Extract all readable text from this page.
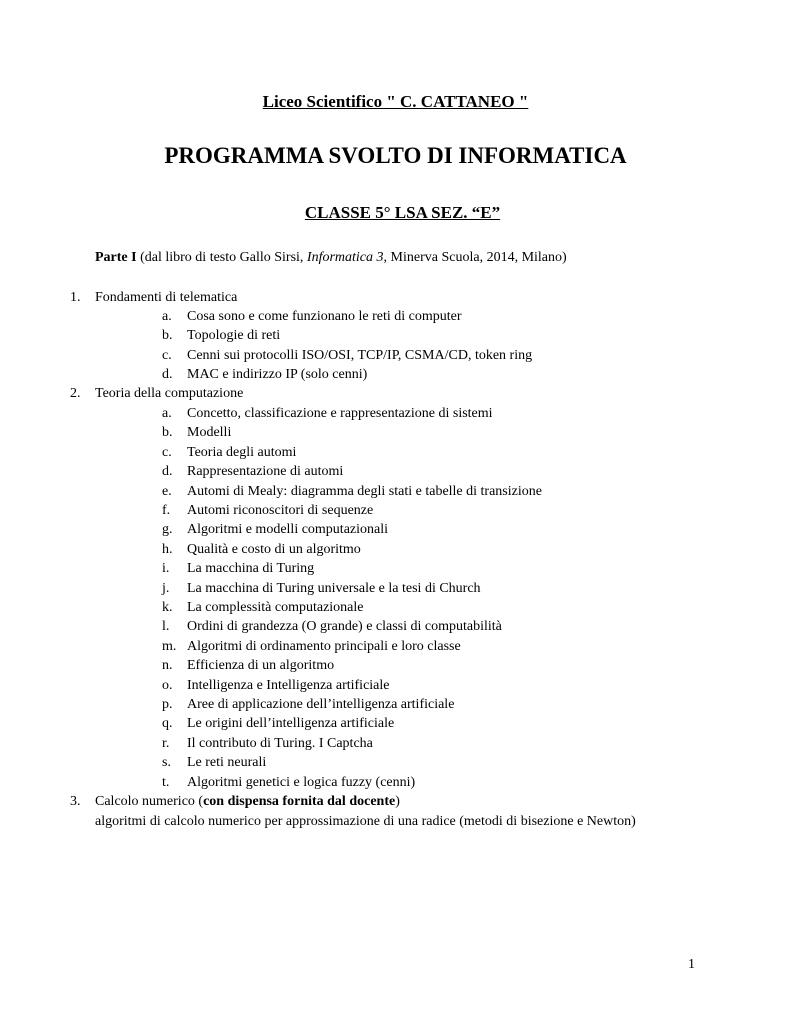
Liceo Scientifico " C. CATTANEO "
PROGRAMMA SVOLTO DI INFORMATICA
CLASSE 5° LSA SEZ. “E”
Parte I (dal libro di testo Gallo Sirsi, Informatica 3, Minerva Scuola, 2014, Milano)
1. Fondamenti di telematica
a. Cosa sono e come funzionano le reti di computer
b. Topologie di reti
c. Cenni sui protocolli ISO/OSI, TCP/IP, CSMA/CD, token ring
d. MAC e indirizzo IP (solo cenni)
2. Teoria della computazione
a. Concetto, classificazione e rappresentazione di sistemi
b. Modelli
c. Teoria degli automi
d. Rappresentazione di automi
e. Automi di Mealy: diagramma degli stati e tabelle di transizione
f. Automi riconoscitori di sequenze
g. Algoritmi e modelli computazionali
h. Qualità e costo di un algoritmo
i. La macchina di Turing
j. La macchina di Turing universale e la tesi di Church
k. La complessità computazionale
l. Ordini di grandezza (O grande) e classi di computabilità
m. Algoritmi di ordinamento principali e loro classe
n. Efficienza di un algoritmo
o. Intelligenza e Intelligenza artificiale
p. Aree di applicazione dell’intelligenza artificiale
q. Le origini dell’intelligenza artificiale
r. Il contributo di Turing. I Captcha
s. Le reti neurali
t. Algoritmi genetici e logica fuzzy (cenni)
3. Calcolo numerico (con dispensa fornita dal docente)
algoritmi di calcolo numerico per approssimazione di una radice (metodi di bisezione e Newton)
1
